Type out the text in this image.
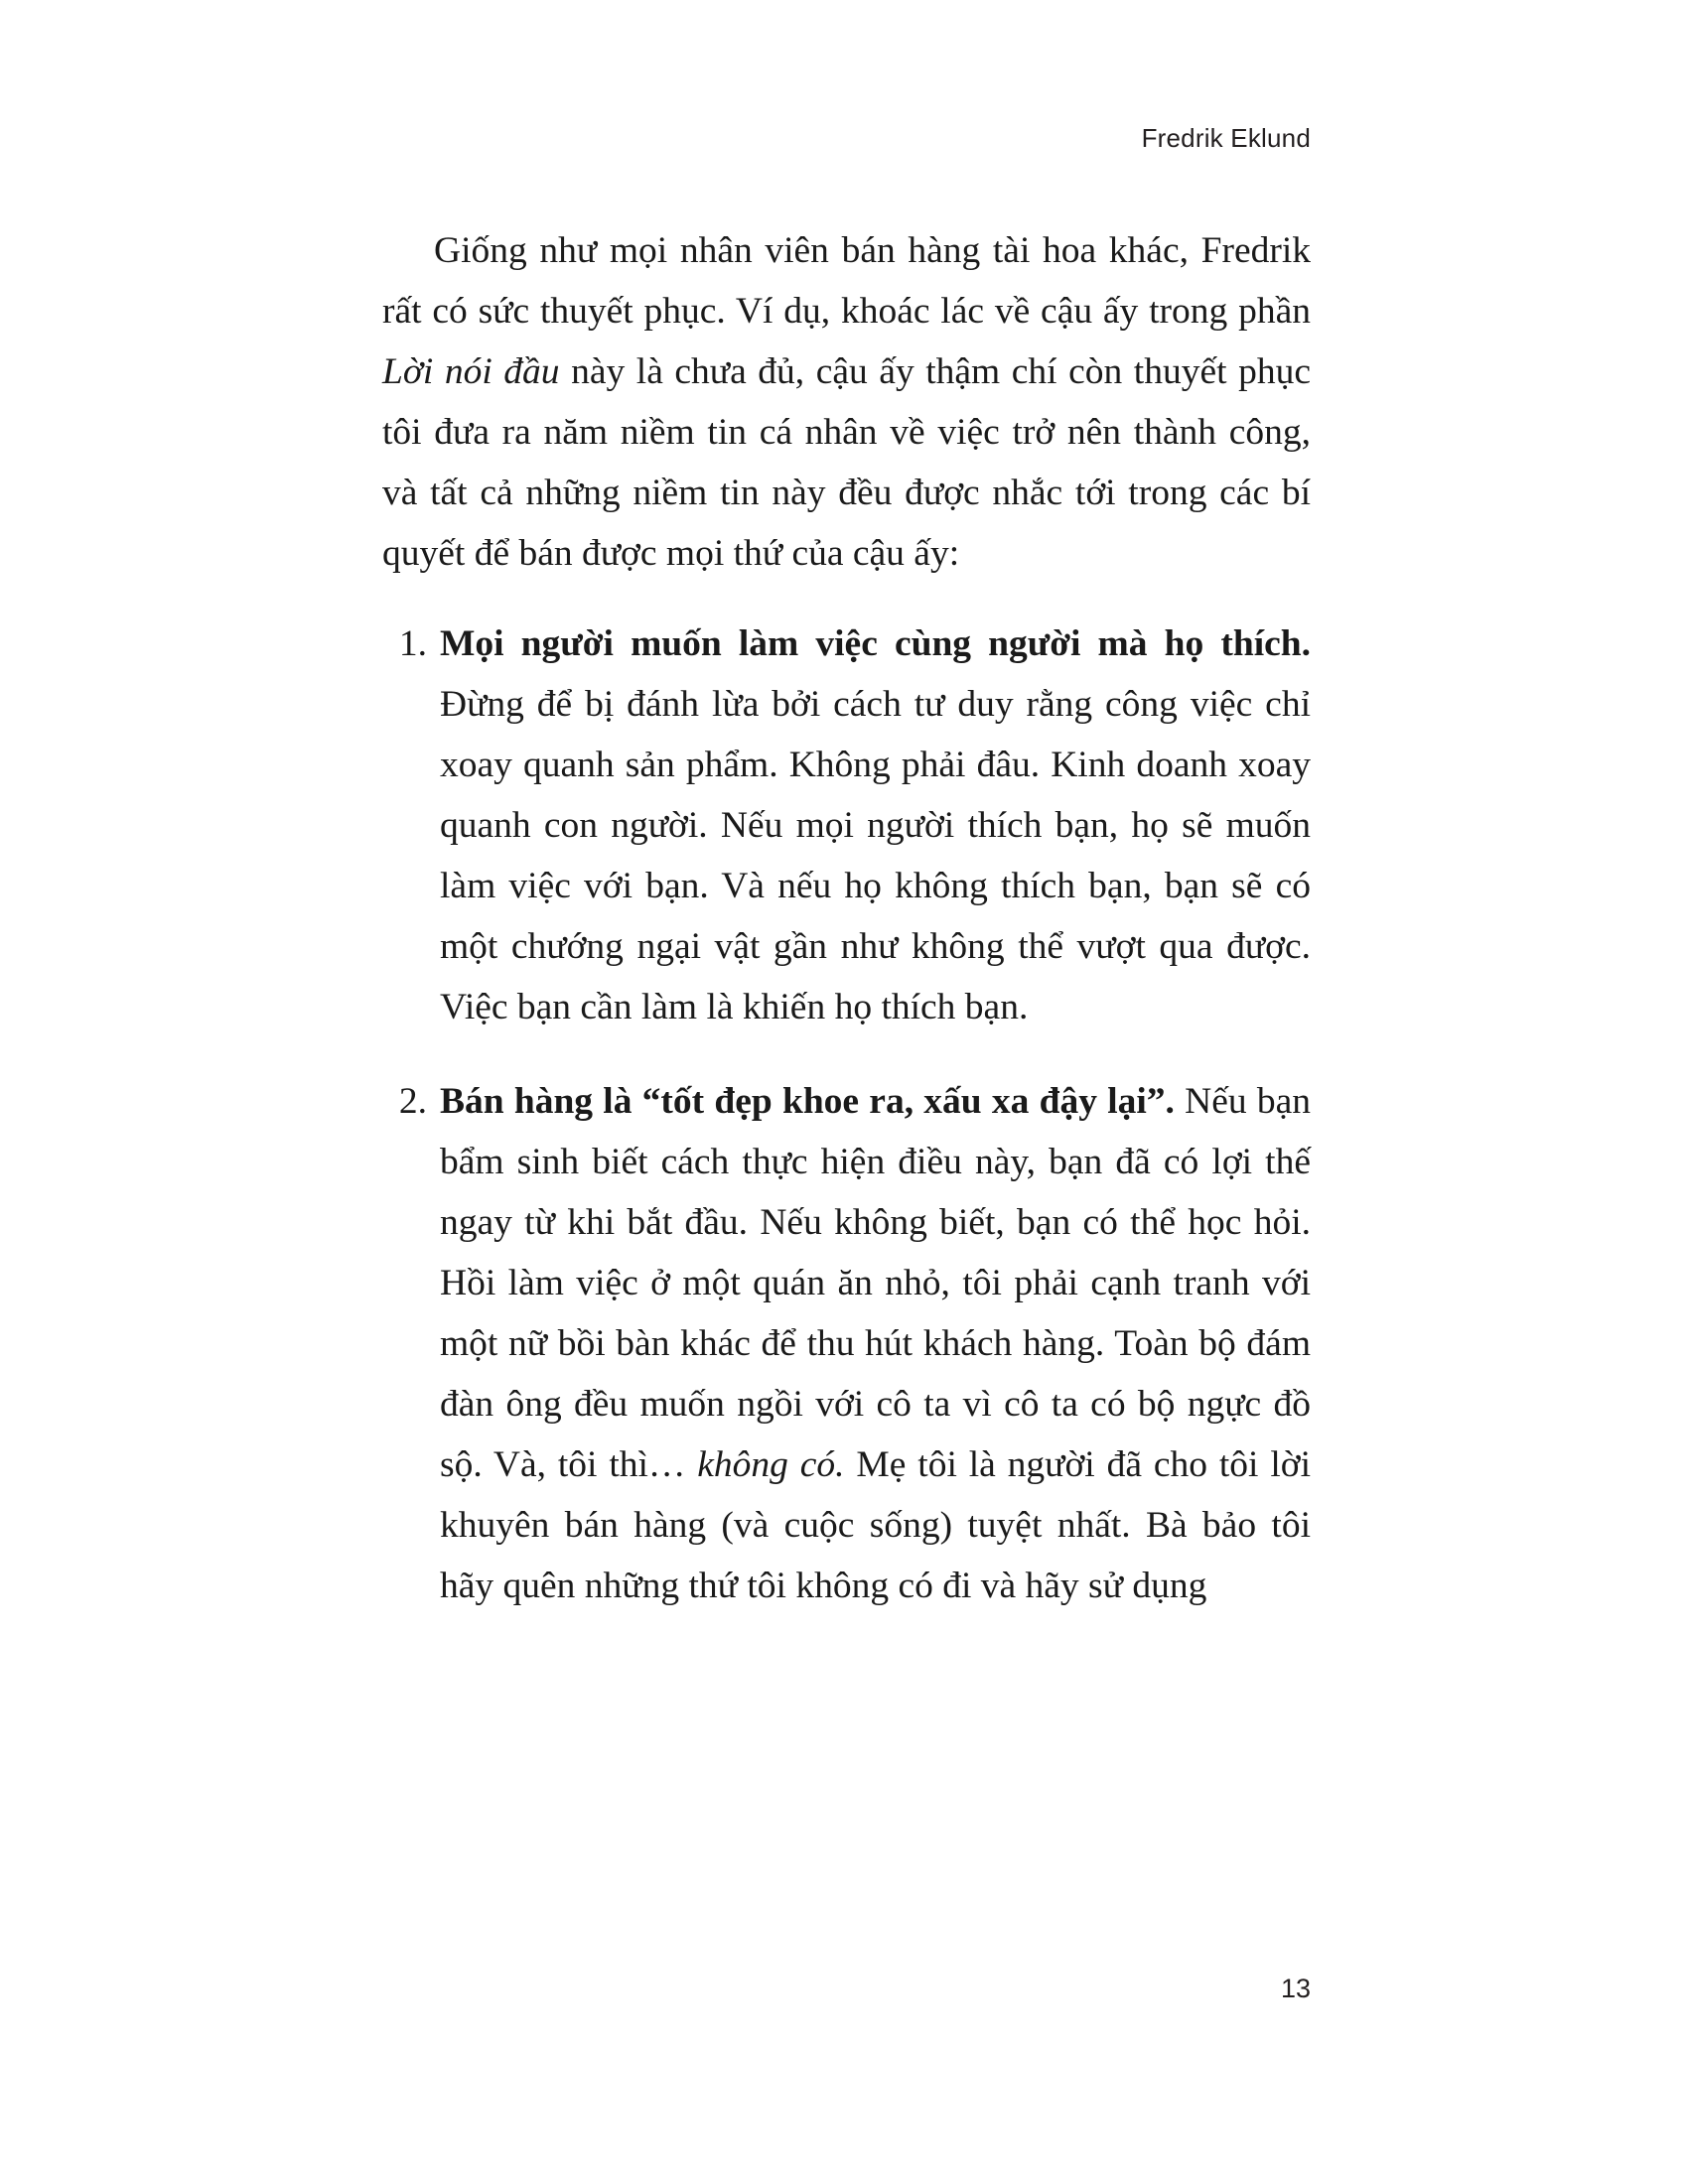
Fredrik Eklund

Giống như mọi nhân viên bán hàng tài hoa khác, Fredrik rất có sức thuyết phục. Ví dụ, khoác lác về cậu ấy trong phần Lời nói đầu này là chưa đủ, cậu ấy thậm chí còn thuyết phục tôi đưa ra năm niềm tin cá nhân về việc trở nên thành công, và tất cả những niềm tin này đều được nhắc tới trong các bí quyết để bán được mọi thứ của cậu ấy:

1. Mọi người muốn làm việc cùng người mà họ thích. Đừng để bị đánh lừa bởi cách tư duy rằng công việc chỉ xoay quanh sản phẩm. Không phải đâu. Kinh doanh xoay quanh con người. Nếu mọi người thích bạn, họ sẽ muốn làm việc với bạn. Và nếu họ không thích bạn, bạn sẽ có một chướng ngại vật gần như không thể vượt qua được. Việc bạn cần làm là khiến họ thích bạn.
2. Bán hàng là “tốt đẹp khoe ra, xấu xa đậy lại”. Nếu bạn bẩm sinh biết cách thực hiện điều này, bạn đã có lợi thế ngay từ khi bắt đầu. Nếu không biết, bạn có thể học hỏi. Hồi làm việc ở một quán ăn nhỏ, tôi phải cạnh tranh với một nữ bồi bàn khác để thu hút khách hàng. Toàn bộ đám đàn ông đều muốn ngồi với cô ta vì cô ta có bộ ngực đồ sộ. Và, tôi thì… không có. Mẹ tôi là người đã cho tôi lời khuyên bán hàng (và cuộc sống) tuyệt nhất. Bà bảo tôi hãy quên những thứ tôi không có đi và hãy sử dụng
13
